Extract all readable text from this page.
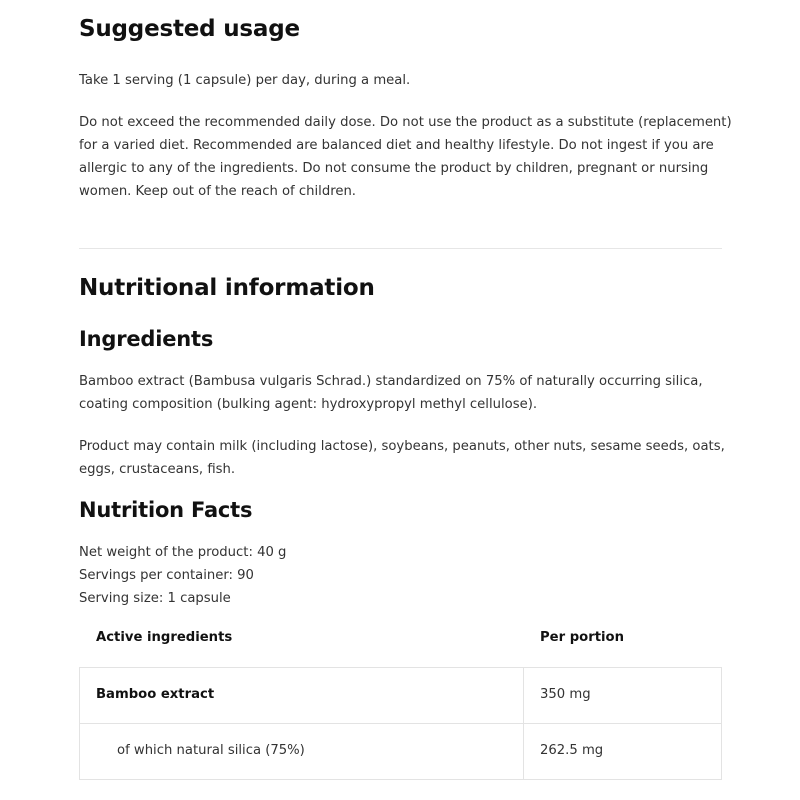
Suggested usage

Take 1 serving (1 capsule) per day, during a meal.

Do not exceed the recommended daily dose. Do not use the product as a substitute (replacement)

for a varied diet. Recommended are balanced diet and healthy lifestyle. Do not ingest if you are

allergic to any of the ingredients. Do not consume the product by children, pregnant or nursing

women. Keep out of the reach of children.

Nutritional information
Ingredients

Bamboo extract (Bambusa vulgaris Schrad.) standardized on 75% of naturally occurring silica,

coating composition (bulking agent: hydroxypropyl methyl cellulose).

Product may contain milk (including lactose), soybeans, peanuts, other nuts, sesame seeds, oats,

eggs, crustaceans, fish.

Nutrition Facts

Net weight of the product: 40 g

Servings per container: 90

Serving size: 1 capsule

Active ingredients	Per portion
Bamboo extract	350 mg
of which natural silica (75%)	262.5 mg
